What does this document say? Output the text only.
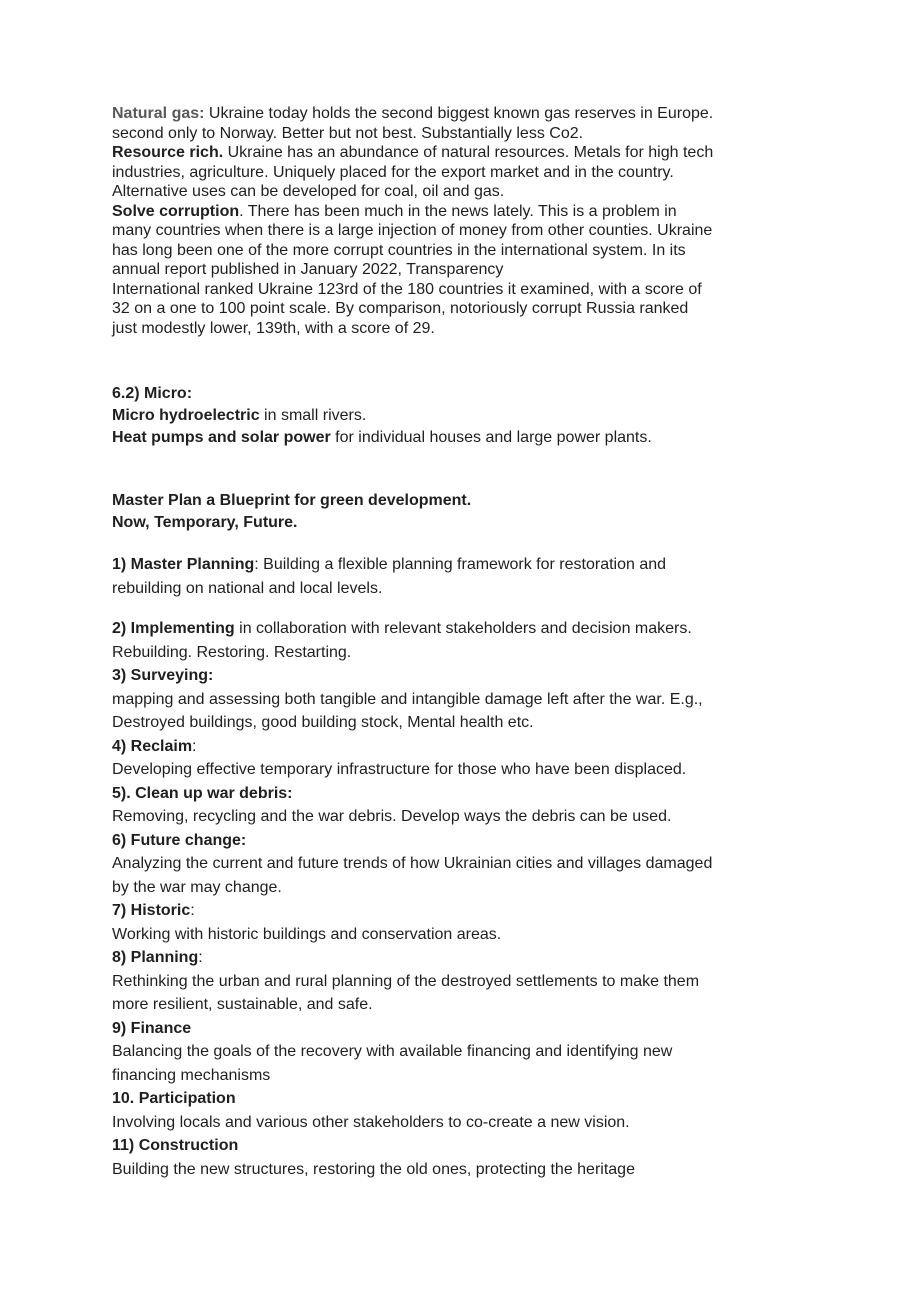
Natural gas: Ukraine today holds the second biggest known gas reserves in Europe.
second only to Norway. Better but not best. Substantially less Co2.
Resource rich. Ukraine has an abundance of natural resources. Metals for high tech
industries, agriculture. Uniquely placed for the export market and in the country.
Alternative uses can be developed for coal, oil and gas.
Solve corruption. There has been much in the news lately. This is a problem in
many countries when there is a large injection of money from other counties. Ukraine
has long been one of the more corrupt countries in the international system. In its
annual report published in January 2022, Transparency
International ranked Ukraine 123rd of the 180 countries it examined, with a score of
32 on a one to 100 point scale. By comparison, notoriously corrupt Russia ranked
just modestly lower, 139th, with a score of 29.
6.2) Micro:
Micro hydroelectric in small rivers.
Heat pumps and solar power for individual houses and large power plants.
Master Plan a Blueprint for green development.
Now, Temporary, Future.
1) Master Planning: Building a flexible planning framework for restoration and
rebuilding on national and local levels.
2) Implementing in collaboration with relevant stakeholders and decision makers.
Rebuilding. Restoring. Restarting.
3) Surveying:
mapping and assessing both tangible and intangible damage left after the war. E.g.,
Destroyed buildings, good building stock, Mental health etc.
4) Reclaim:
Developing effective temporary infrastructure for those who have been displaced.
5). Clean up war debris:
Removing, recycling and the war debris. Develop ways the debris can be used.
6) Future change:
Analyzing the current and future trends of how Ukrainian cities and villages damaged
by the war may change.
7) Historic:
Working with historic buildings and conservation areas.
8) Planning:
Rethinking the urban and rural planning of the destroyed settlements to make them
more resilient, sustainable, and safe.
9) Finance
Balancing the goals of the recovery with available financing and identifying new
financing mechanisms
10. Participation
Involving locals and various other stakeholders to co-create a new vision.
11) Construction
Building the new structures, restoring the old ones, protecting the heritage
